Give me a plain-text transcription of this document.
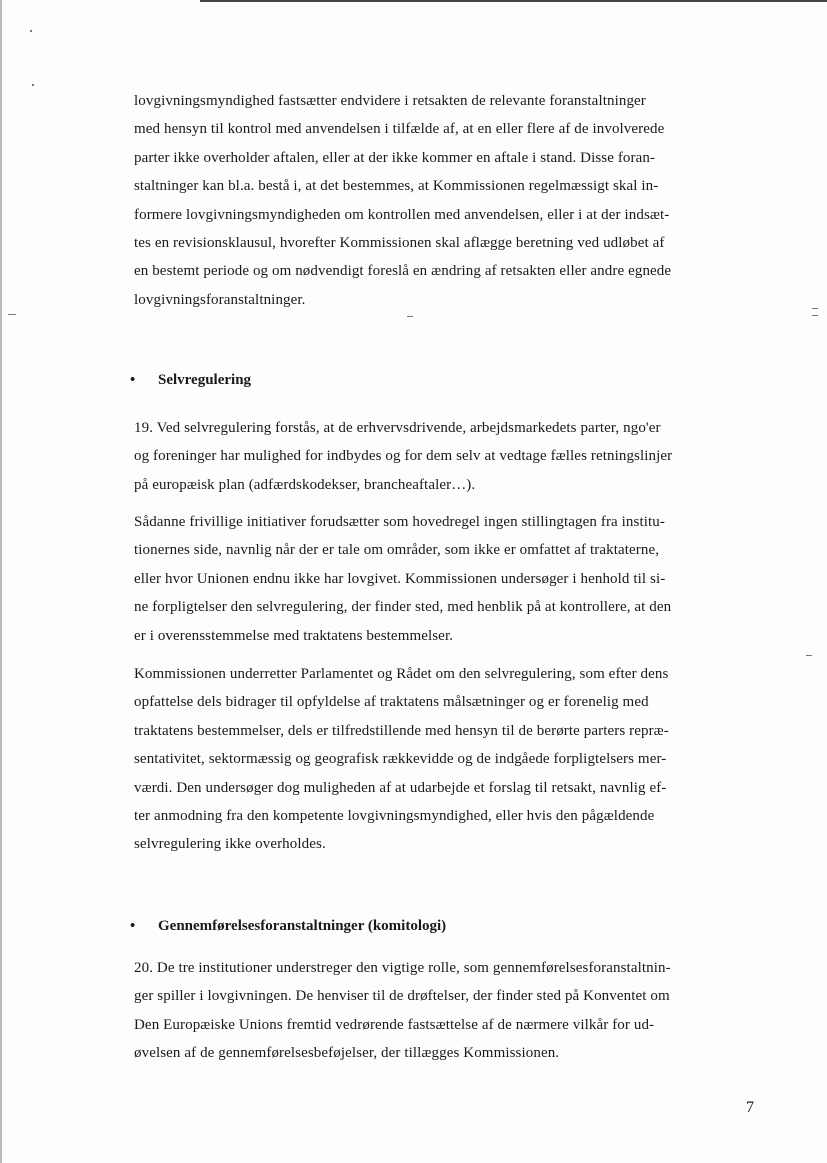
lovgivningsmyndighed fastsætter endvidere i retsakten de relevante foranstaltninger
med hensyn til kontrol med anvendelsen i tilfælde af, at en eller flere af de involverede
parter ikke overholder aftalen, eller at der ikke kommer en aftale i stand. Disse foran-
staltninger kan bl.a. bestå i, at det bestemmes, at Kommissionen regelmæssigt skal in-
formere lovgivningsmyndigheden om kontrollen med anvendelsen, eller i at der indsæt-
tes en revisionsklausul, hvorefter Kommissionen skal aflægge beretning ved udløbet af
en bestemt periode og om nødvendigt foreslå en ændring af retsakten eller andre egnede
lovgivningsforanstaltninger.
• Selvregulering
19. Ved selvregulering forstås, at de erhvervsdrivende, arbejdsmarkedets parter, ngo'er
og foreninger har mulighed for indbydes og for dem selv at vedtage fælles retningslinjer
på europæisk plan (adfærdskodekser, brancheaftaler…).
Sådanne frivillige initiativer forudsætter som hovedregel ingen stillingtagen fra institu-
tionernes side, navnlig når der er tale om områder, som ikke er omfattet af traktaterne,
eller hvor Unionen endnu ikke har lovgivet. Kommissionen undersøger i henhold til si-
ne forpligtelser den selvregulering, der finder sted, med henblik på at kontrollere, at den
er i overensstemmelse med traktatens bestemmelser.
Kommissionen underretter Parlamentet og Rådet om den selvregulering, som efter dens
opfattelse dels bidrager til opfyldelse af traktatens målsætninger og er forenelig med
traktatens bestemmelser, dels er tilfredstillende med hensyn til de berørte parters repræ-
sentativitet, sektormæssig og geografisk rækkevidde og de indgåede forpligtelsers mer-
værdi. Den undersøger dog muligheden af at udarbejde et forslag til retsakt, navnlig ef-
ter anmodning fra den kompetente lovgivningsmyndighed, eller hvis den pågældende
selvregulering ikke overholdes.
• Gennemførelsesforanstaltninger (komitologi)
20. De tre institutioner understreger den vigtige rolle, som gennemførelsesforanstaltnin-
ger spiller i lovgivningen. De henviser til de drøftelser, der finder sted på Konventet om
Den Europæiske Unions fremtid vedrørende fastsættelse af de nærmere vilkår for ud-
øvelsen af de gennemførelsesbeføjelser, der tillægges Kommissionen.
7
